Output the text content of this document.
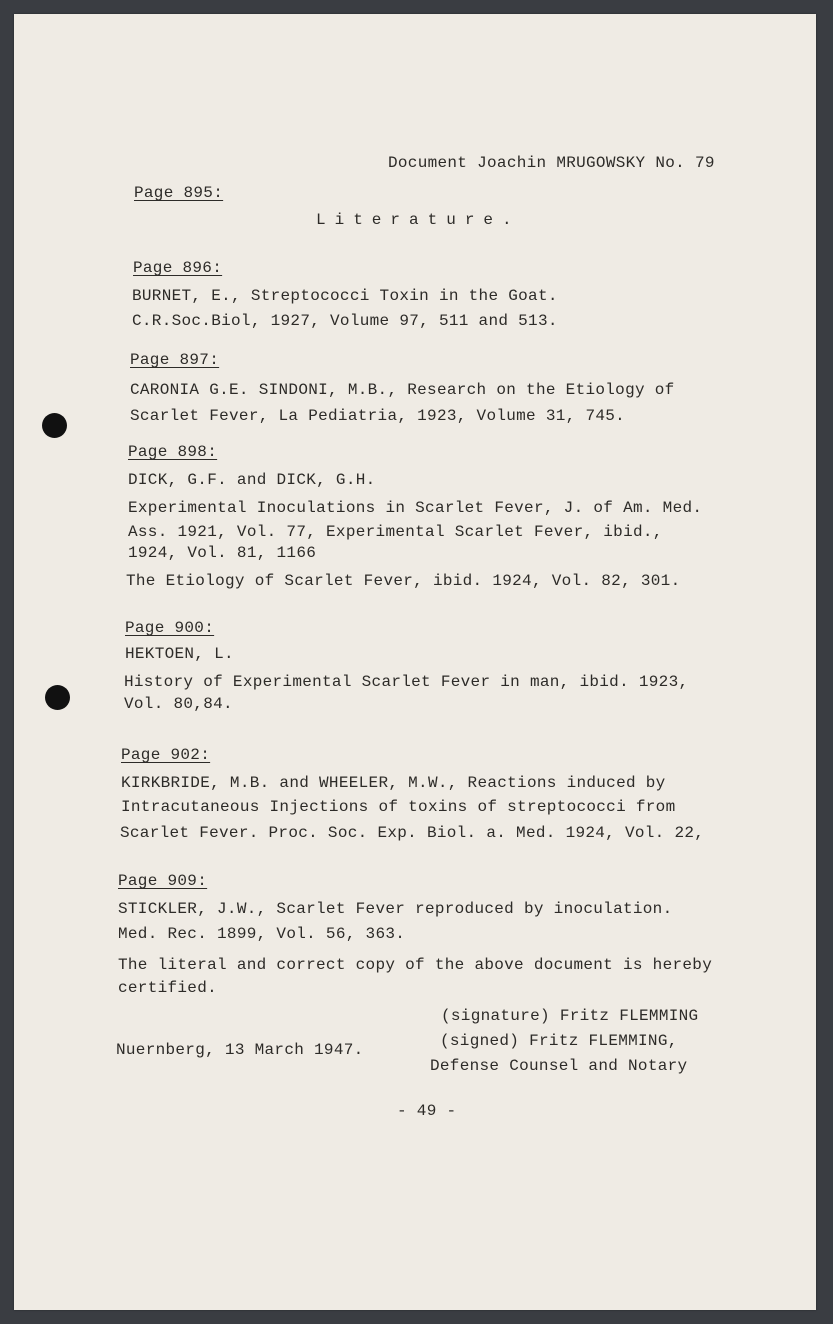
Document Joachin MRUGOWSKY No. 79
Page 895:
Literature.
Page 896:
BURNET, E., Streptococci Toxin in the Goat.
C.R.Soc.Biol, 1927, Volume 97, 511 and 513.
Page 897:
CARONIA G.E. SINDONI, M.B., Research on the Etiology of
Scarlet Fever, La Pediatria, 1923, Volume 31, 745.
Page 898:
DICK, G.F. and DICK, G.H.
Experimental Inoculations in Scarlet Fever, J. of Am. Med.
Ass. 1921, Vol. 77, Experimental Scarlet Fever, ibid.,
1924, Vol. 81, 1166
The Etiology of Scarlet Fever, ibid. 1924, Vol. 82, 301.
Page 900:
HEKTOEN, L.
History of Experimental Scarlet Fever in man, ibid. 1923,
Vol. 80,84.
Page 902:
KIRKBRIDE, M.B. and WHEELER, M.W., Reactions induced by
Intracutaneous Injections of toxins of streptococci from
Scarlet Fever. Proc. Soc. Exp. Biol. a. Med. 1924, Vol. 22,
Page 909:
STICKLER, J.W., Scarlet Fever reproduced by inoculation.
Med. Rec. 1899, Vol. 56, 363.
The literal and correct copy of the above document is hereby
certified.
(signature) Fritz FLEMMING
(signed) Fritz FLEMMING,
Nuernberg, 13 March 1947.
Defense Counsel and Notary
- 49 -
